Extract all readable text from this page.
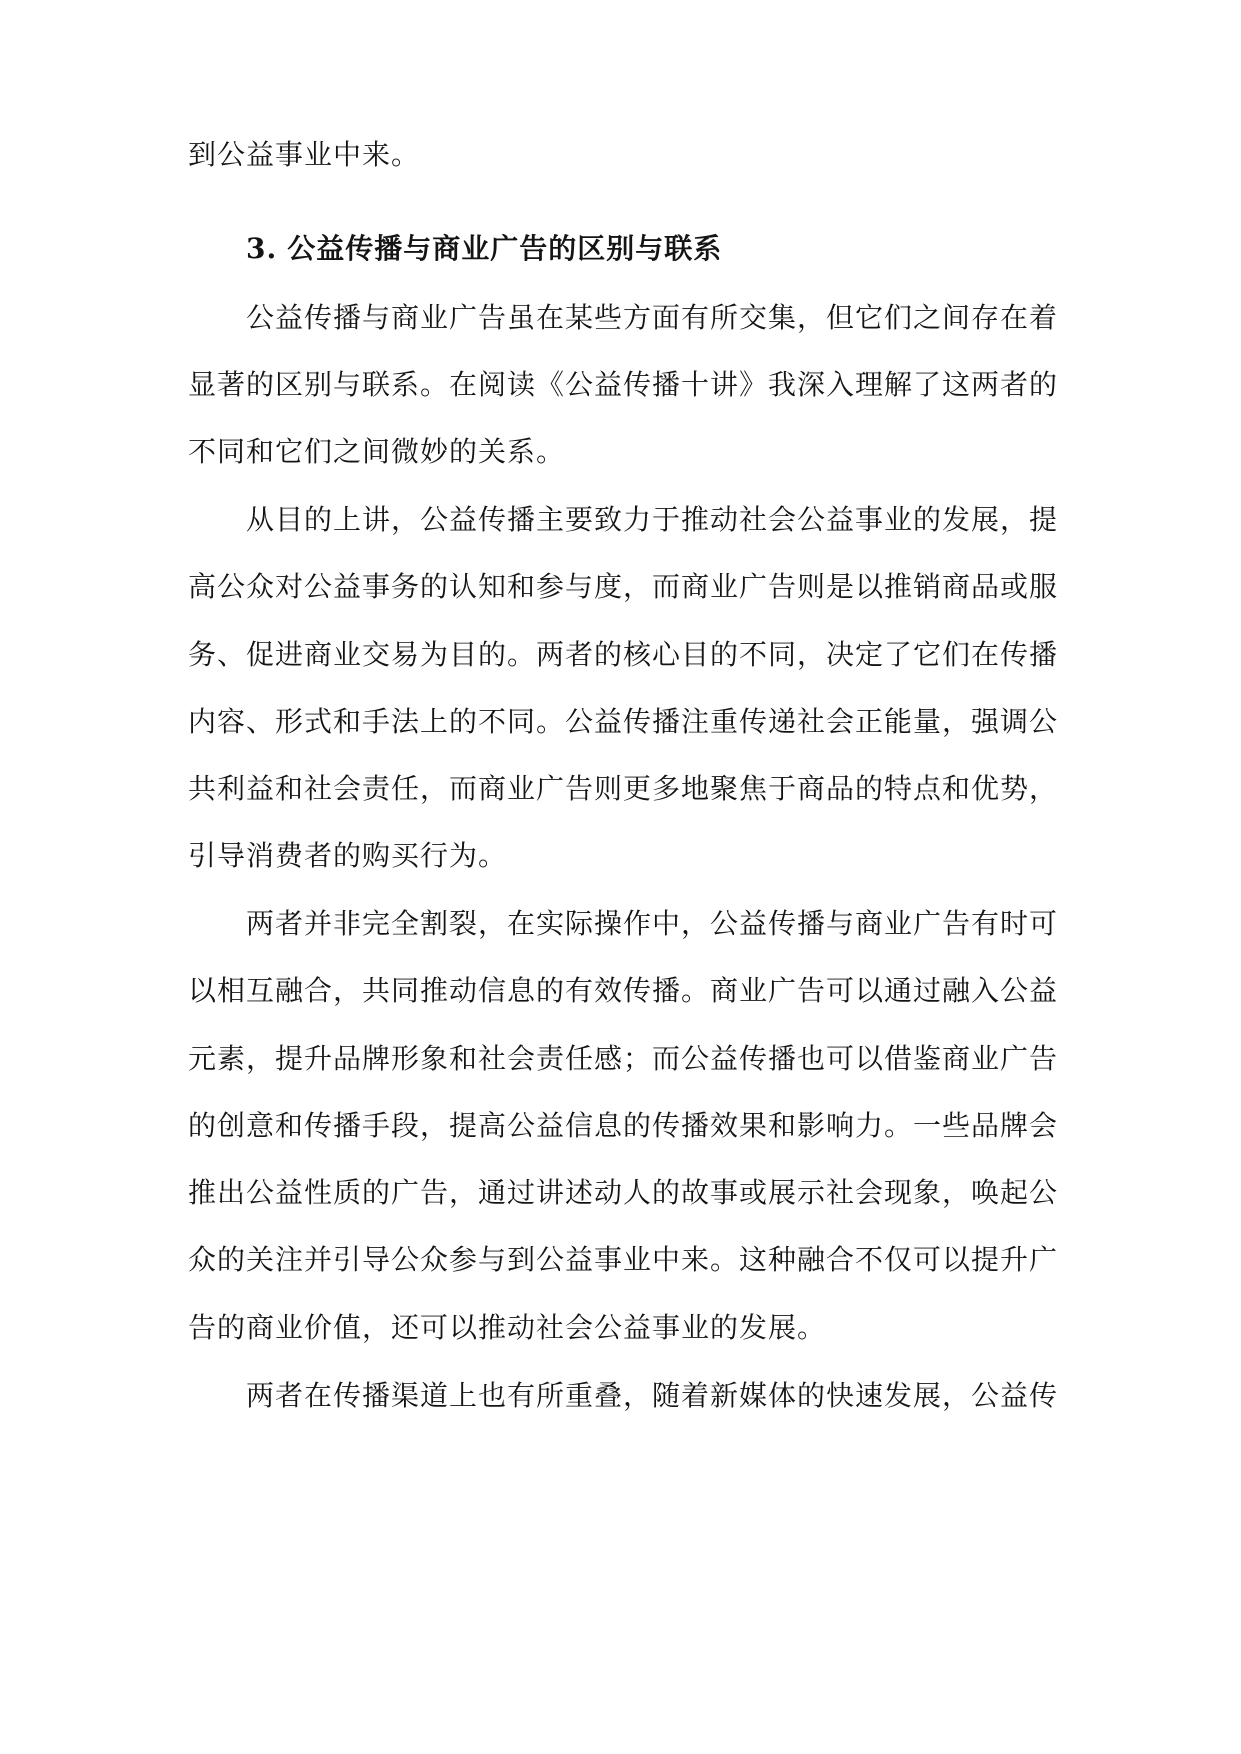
到公益事业中来。
3. 公益传播与商业广告的区别与联系
公益传播与商业广告虽在某些方面有所交集，但它们之间存在着
显著的区别与联系。在阅读《公益传播十讲》我深入理解了这两者的
不同和它们之间微妙的关系。
从目的上讲，公益传播主要致力于推动社会公益事业的发展，提
高公众对公益事务的认知和参与度，而商业广告则是以推销商品或服
务、促进商业交易为目的。两者的核心目的不同，决定了它们在传播
内容、形式和手法上的不同。公益传播注重传递社会正能量，强调公
共利益和社会责任，而商业广告则更多地聚焦于商品的特点和优势，
引导消费者的购买行为。
两者并非完全割裂，在实际操作中，公益传播与商业广告有时可
以相互融合，共同推动信息的有效传播。商业广告可以通过融入公益
元素，提升品牌形象和社会责任感；而公益传播也可以借鉴商业广告
的创意和传播手段，提高公益信息的传播效果和影响力。一些品牌会
推出公益性质的广告，通过讲述动人的故事或展示社会现象，唤起公
众的关注并引导公众参与到公益事业中来。这种融合不仅可以提升广
告的商业价值，还可以推动社会公益事业的发展。
两者在传播渠道上也有所重叠，随着新媒体的快速发展，公益传
